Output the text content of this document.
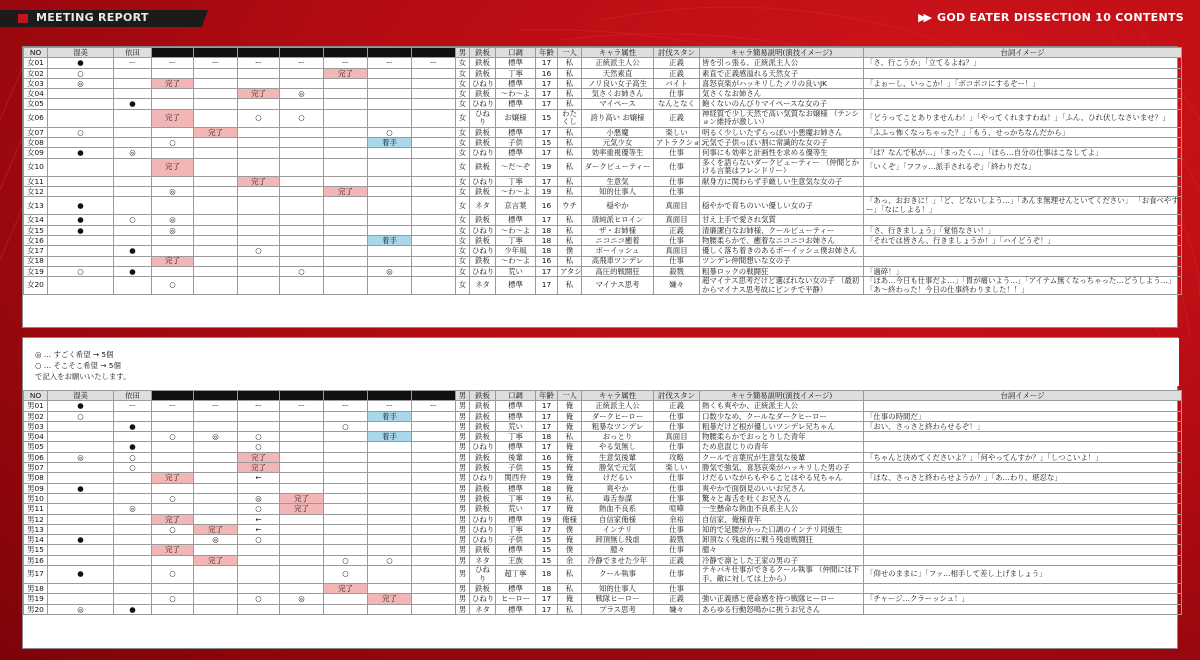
MEETING REPORT	▶▶ GOD EATER DISSECTION 10 CONTENTS
NO	湿美	依田								男	鉄板	口調	年齢	一人	キャラ属性	討伐スタン	キャラ簡易説明(演技イメージ)	台詞イメージ
女01	●	ー	ー	ー	ー	ー	ー	ー	ー	女	鉄板	標準	17	私	正統派主人公	正義	皆を引っ張る、正統派主人公	「さ、行こうか」「立てるよね？」
女02	○						完了			女	鉄板	丁寧	16	私	天然素直	正義	素直で正義感溢れる天然女子	
女03	◎		完了							女	ひねり	標準	17	私	ノリ良い女子高生	バイト	喜怒哀楽がハッキリしたノリの良いJK	「よぉーし、いっこか！」「ボコボコにするぞー！」
女04					完了	◎				女	鉄板	〜わ〜よ	17	私	気さくお姉さん	仕事	気さくなお姉さん	
女05		●								女	ひねり	標準	17	私	マイペース	なんとなく	飽くないのんびりマイペースな女の子	
女06			完了		○	○				女	ひねり	お嬢様	15	わたくし	誇り高い お嬢様	正義	神経質で少し天然で高い気質なお嬢様 （テンション維持が激しい）	「どうってことありませんわ！」「やってくれますわね！」「ふん、ひれ伏しなさいませ？」
女07	○			完了				○		女	鉄板	標準	17	私	小悪魔	楽しい	明るく少しいたずらっぽい小悪魔お姉さん	「ふふっ怖くなっちゃった？」「もう、せっかちなんだから」
女08			○					着手		女	鉄板	子供	15	私	元気少女	アトラクション	元気で子供っぽい割に常識的な女の子	
女09	●	◎								女	ひねり	標準	17	私	効率重視優等生	仕事	何事にも効率と計画性を求める優等生	「は？なんで私が…」「まったく…」「ほら…自分の仕事はこなしてよ」
女10			完了							女	鉄板	〜だ〜ぞ	19	私	ダークビューティー	仕事	多くを語らないダークビューティー （仲間とかける言葉はフレンドリー）	「いくぞ」「フフッ…派手されるぞ」「終わりだな」
女11					完了					女	ひねり	丁寧	17	私	生意気	仕事	献身方に関わらず手厳しい生意気な女の子	
女12			◎				完了			女	鉄板	〜わ〜よ	19	私	知的仕事人	仕事		
女13	●									女	ネタ	京言葉	16	ウチ	穏やか	真面目	穏やかで育ちのいい優しい女の子	「あっ、おおきに！」「ど、どないしよう…」「あんま無理せんといてください」 「お食べやすー」「なにしよる！」
女14	●	○	◎							女	鉄板	標準	17	私	清純派ヒロイン	真面目	甘え上手で愛され気質	
女15	●		◎							女	ひねり	〜わ〜よ	18	私	ザ・お姉様	正義	清廉潔白なお姉様、クールビューティー	「さ、行きましょう」「覚悟なさい！」
女16								着手		女	鉄板	丁寧	18	私	ニコニコ癒着	仕事	物腰柔らかで、癒着なニコニコお姉さん	「それでは皆さん、行きましょうか！」「ハイどうぞ！」
女17		●			○					女	ひねり	少年風	18	僕	ボーイッシュ	真面目	優しく落ち着きのあるボーイッシュ僕お姉さん	
女18			完了							女	鉄板	〜わ〜よ	16	私	高飛車ツンデレ	仕事	ツンデレ仲間想いな女の子	
女19	○	●				○		◎		女	ひねり	荒い	17	アタシ	高圧的戦闘狂	殺戮	粗暴ロックの戦闘狂	「過碎！」
女20			○							女	ネタ	標準	17	私	マイナス思考	嫌々	超マイナス思考だけど選ばれない女の子 （最初からマイナス思考故にピンチで平静）	「ほあ…今日も仕事だよ…」「胃が痛いよう…」「アイテム無くなっちゃった…どうしよう…」「あ〜終わった！今日の仕事終わりました！！」
◎ … すごく希望 → 5個
○ … そこそこ希望 → 5個
で記入をお願いいたします。
NO	湿美	依田								男	鉄板	口調	年齢	一人	キャラ属性	討伐スタン	キャラ簡易説明(演技イメージ)	台詞イメージ
男01	●	ー	ー	ー	ー	ー	ー	ー	ー	男	鉄板	標準	17	俺	正統派主人公	正義	熱くも爽やか、正統派主人公	
男02	○							着手		男	鉄板	標準	17	俺	ダークヒーロー	仕事	口数少なめ、クールなダークヒーロー	「仕事の時間だ」
男03		●					○			男	鉄板	荒い	17	俺	粗暴なツンデレ	仕事	粗暴だけど根が優しいツンデレ兄ちゃん	「おい、さっさと終わらせるぞ！」
男04			○	◎	○			着手		男	鉄板	丁寧	18	私	おっとり	真面目	物腰柔らかでおっとりした青年	
男05		●			○					男	ひねり	標準	17	俺	やる気無し	仕事	ため息混じりの青年	
男06	◎	○			完了					男	鉄板	後輩	16	俺	生意気後輩	攻略	クールで言葉尻が生意気な後輩	「ちゃんと決めてくださいよ？」「何やってんすか？」「しつこいよ！」
男07		○			完了					男	鉄板	子供	15	俺	勝気で元気	楽しい	勝気で強気、喜怒哀楽がハッキリした男の子	
男08			完了		←					男	ひねり	関西弁	19	俺	けだるい	仕事	けだるいながらもやることはやる兄ちゃん	「ほな、さっさと終わらせようか？」「あ…わり、堪忍な」
男09	●									男	鉄板	標準	18	俺	爽やか	仕事	爽やかで面倒見のいいお兄さん	
男10			○		◎	完了				男	鉄板	丁寧	19	私	毒舌参謀	仕事	驚々と毒舌を吐くお兄さん	
男11		◎			○	完了				男	鉄板	荒い	17	俺	熱血不良系	喧嘩	一生懸命な熱血不良系主人公	
男12			完了		←					男	ひねり	標準	19	俺様	自信家俺様	余裕	自信家、俺様青年	
男13			○	完了	←					男	ひねり	丁寧	17	僕	インテリ	仕事	知的で足腰がかった口調のインテリ同級生	
男14	●			◎	○					男	ひねり	子供	15	俺	卸頂無し残虐	殺戮	卸頂なく残虐的に戦う残虐戦闘狂	
男15			完了							男	鉄板	標準	15	僕	臆々	仕事	臆々	
男16				完了			○	○		男	ネタ	王族	15	余	冷静でませた少年	正義	冷静で凛とした王家の男の子	
男17	●		○				○			男	ひねり	超丁寧	18	私	クール執事	仕事	テキパキ仕事ができるクール執事 （仲間には下手、敵に対しては上から）	「仰せのままに」「フッ…相手して差し上げましょう」
男18							完了			男	鉄板	標準	18	私	知的仕事人	仕事		
男19			○		○	◎		完了		男	ひねり	ヒーロー	17	俺	戦隊ヒーロー	正義	強い正義感と使命感を持つ戦隊ヒーロー	「チャージ…クラーッシュ！」
男20	◎	●								男	ネタ	標準	17	私	プラス思考	嫌々	あらゆる行動怒鳴かに挑うお兄さん	
